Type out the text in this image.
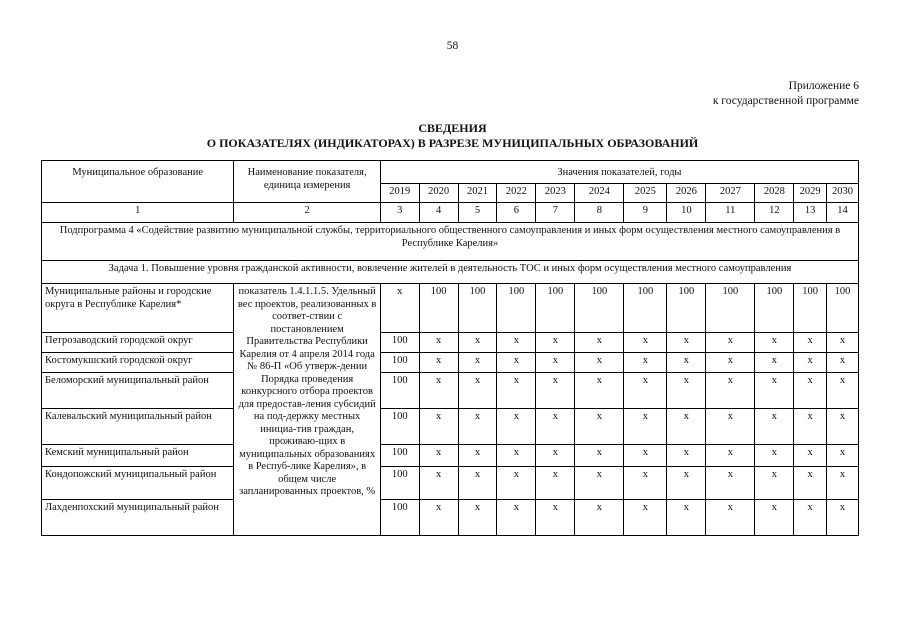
58
Приложение 6
к государственной программе
СВЕДЕНИЯ
О ПОКАЗАТЕЛЯХ (ИНДИКАТОРАХ) В РАЗРЕЗЕ МУНИЦИПАЛЬНЫХ ОБРАЗОВАНИЙ
Муниципальное образование	Наименование показателя, единица измерения	Значения показателей, годы											
		2019	2020	2021	2022	2023	2024	2025	2026	2027	2028	2029	2030
1	2	3	4	5	6	7	8	9	10	11	12	13	14
Подпрограмма 4 «Содействие развитию муниципальной службы, территориального общественного самоуправления и иных форм осуществления местного самоуправления в Республике Карелия»													
Задача 1. Повышение уровня гражданской активности, вовлечение жителей в деятельность ТОС и иных форм осуществления местного самоуправления													
Муниципальные районы и городские округа в Республике Карелия*	показатель 1.4.1.1.5. Удельный вес проектов, реализованных в соответ-ствии с постановлением Правительства Республики Карелия от 4 апреля 2014 года № 86-П «Об утверж-дении Порядка проведения конкурсного отбора проектов для предостав-ления субсидий на под-держку местных инициа-тив граждан, проживаю-щих в муниципальных образованиях в Респуб-лике Карелия», в общем числе запланированных проектов, %	х	100	100	100	100	100	100	100	100	100	100	100
Петрозаводский городской округ		100	х	х	х	х	х	х	х	х	х	х	х
Костомукшский городской округ		100	х	х	х	х	х	х	х	х	х	х	х
Беломорский муниципальный район		100	х	х	х	х	х	х	х	х	х	х	х
Калевальский муниципальный район		100	х	х	х	х	х	х	х	х	х	х	х
Кемский муниципальный район		100	х	х	х	х	х	х	х	х	х	х	х
Кондопожский муниципальный район		100	х	х	х	х	х	х	х	х	х	х	х
Лахденпохский муниципальный район		100	х	х	х	х	х	х	х	х	х	х	х
